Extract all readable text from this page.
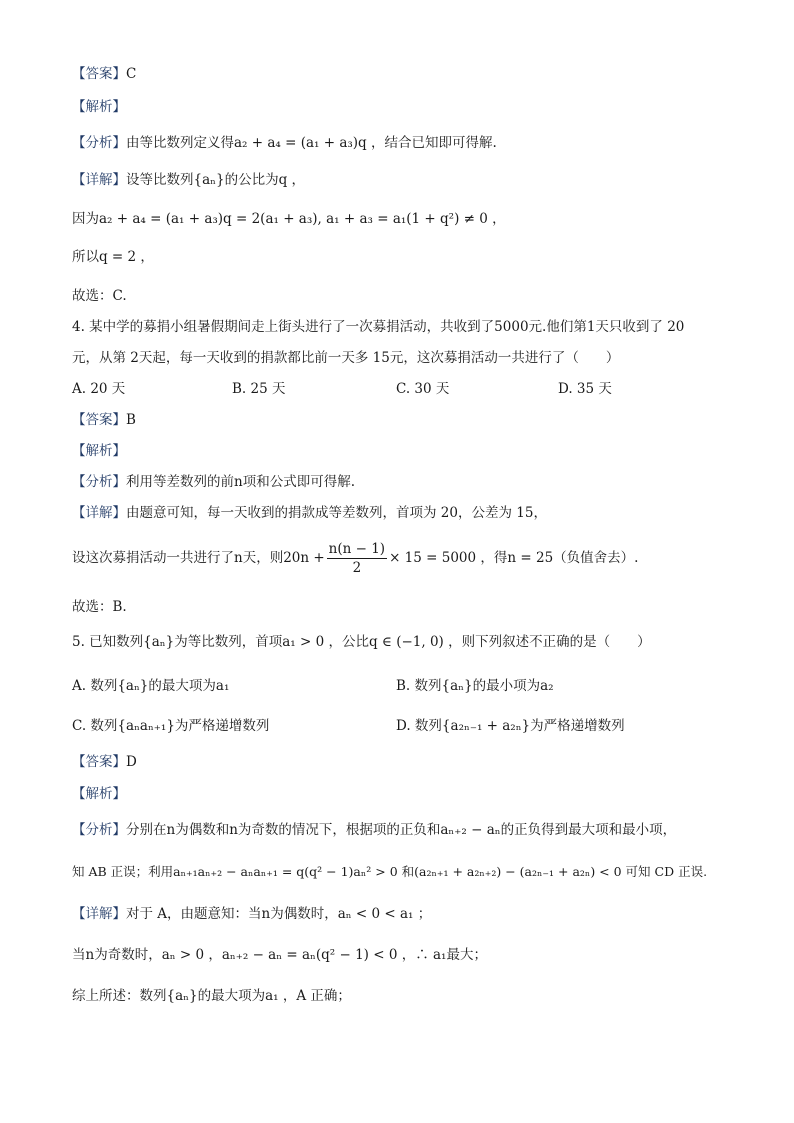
【答案】C
【解析】
【分析】由等比数列定义得a₂ + a₄ = (a₁ + a₃)q ，结合已知即可得解.
【详解】设等比数列{aₙ}的公比为q ，
因为a₂ + a₄ = (a₁ + a₃)q = 2(a₁ + a₃), a₁ + a₃ = a₁(1 + q²) ≠ 0 ，
所以q = 2 ，
故选：C.
4. 某中学的募捐小组暑假期间走上街头进行了一次募捐活动，共收到了5000元.他们第1天只收到了 20
元，从第 2天起，每一天收到的捐款都比前一天多 15元，这次募捐活动一共进行了（　　）
A. 20 天	B. 25 天	C. 30 天	D. 35 天
【答案】B
【解析】
【分析】利用等差数列的前n项和公式即可得解.
【详解】由题意可知，每一天收到的捐款成等差数列，首项为 20，公差为 15，
设这次募捐活动一共进行了n天，则$20n + \frac{n(n - 1)}{2} \times 15 = 5000$ ，得n = 25（负值舍去）.
故选：B.
5. 已知数列{aₙ}为等比数列，首项a₁ > 0 ，公比q ∈ (−1, 0) ，则下列叙述不正确的是（　　）
A. 数列{aₙ}的最大项为a₁	B. 数列{aₙ}的最小项为a₂
C. 数列{aₙaₙ₊₁}为严格递增数列	D. 数列{a₂ₙ₋₁ + a₂ₙ}为严格递增数列
【答案】D
【解析】
【分析】分别在n为偶数和n为奇数的情况下，根据项的正负和aₙ₊₂ − aₙ的正负得到最大项和最小项，
知 AB 正误；利用aₙ₊₁aₙ₊₂ − aₙaₙ₊₁ = q(q² − 1)aₙ² > 0 和(a₂ₙ₊₁ + a₂ₙ₊₂) − (a₂ₙ₋₁ + a₂ₙ) < 0 可知 CD 正误.
【详解】对于 A，由题意知：当n为偶数时，aₙ < 0 < a₁ ；
当n为奇数时，aₙ > 0 ，aₙ₊₂ − aₙ = aₙ(q² − 1) < 0 ，∴ a₁最大；
综上所述：数列{aₙ}的最大项为a₁ ，A 正确；
